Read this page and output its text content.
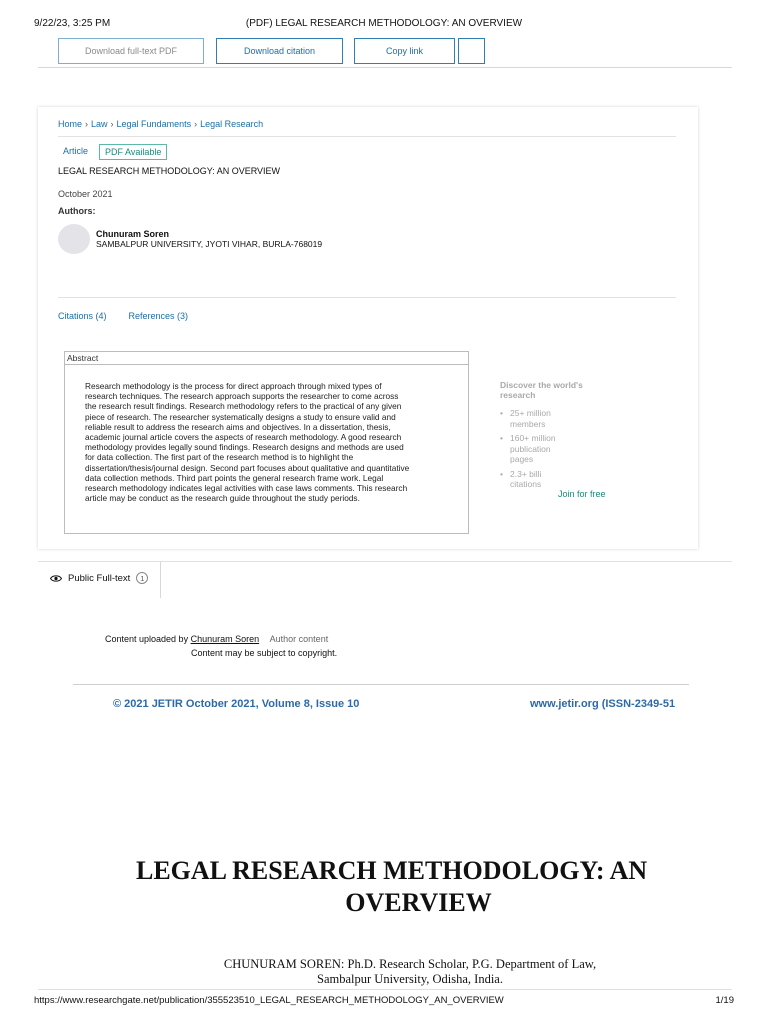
9/22/23, 3:25 PM	(PDF) LEGAL RESEARCH METHODOLOGY: AN OVERVIEW
Download full-text PDF	Download citation	Copy link
Home › Law › Legal Fundaments › Legal Research
Article	PDF Available
LEGAL RESEARCH METHODOLOGY: AN OVERVIEW
October 2021
Authors:
Chunuram Soren
SAMBALPUR UNIVERSITY, JYOTI VIHAR, BURLA-768019
Citations (4) References (3)
Abstract
Research methodology is the process for direct approach through mixed types of
research techniques. The research approach supports the researcher to come across
the research result findings. Research methodology refers to the practical of any given
piece of research. The researcher systematically designs a study to ensure valid and
reliable result to address the research aims and objectives. In a dissertation, thesis,
academic journal article covers the aspects of research methodology. A good research
methodology provides legally sound findings. Research designs and methods are used
for data collection. The first part of the research method is to highlight the
dissertation/thesis/journal design. Second part focuses about qualitative and quantitative
data collection methods. Third part points the general research frame work. Legal
research methodology indicates legal activities with case laws comments. This research
article may be conduct as the research guide throughout the study periods.
Discover the world's
research
• 25+ million members
• 160+ million publication pages
• 2.3+ billi citations
Join for free
Public Full-text	1
Content uploaded by Chunuram Soren Author content
Content may be subject to copyright.
© 2021 JETIR October 2021, Volume 8, Issue 10	www.jetir.org (ISSN-2349-51
LEGAL RESEARCH METHODOLOGY: AN
OVERVIEW
CHUNURAM SOREN: Ph.D. Research Scholar, P.G. Department of Law,
Sambalpur University, Odisha, India.
https://www.researchgate.net/publication/355523510_LEGAL_RESEARCH_METHODOLOGY_AN_OVERVIEW	1/19
